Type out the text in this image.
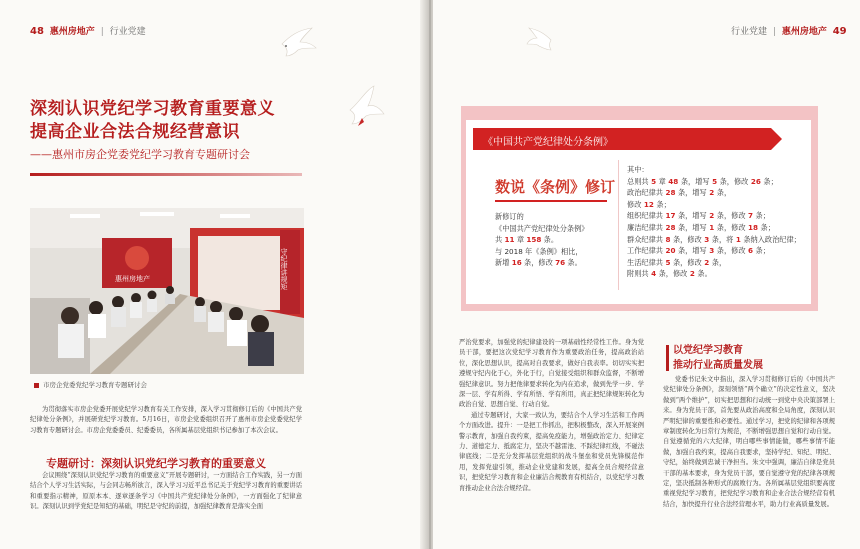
48 惠州房地产 | 行业党建
深刻认识党纪学习教育重要意义
提高企业合法合规经营意识
——惠州市房企党委党纪学习教育专题研讨会
惠州房地产	守纪律讲规矩
市房企党委党纪学习教育专题研讨会
为贯彻落实市房企党委开展党纪学习教育有关工作安排，深入学习贯彻修订后的《中国共产党纪律处分条例》，并展研党纪学习教育。5月16日，市房企党委组织召开了惠州市房企党委党纪学习教育专题研讨会。市房企党委委员、纪委委员，各所属基层党组织书记参加了本次会议。
专题研讨：深刻认识党纪学习教育的重要意义
会议围绕“深刻认识党纪学习教育的重要意义”开展专题研讨，一方面结合工作实践，另一方面结合个人学习生活实际，与会同志畅所欲言，深入学习习近平总书记关于党纪学习教育的重要讲话和重要指示精神，原原本本、逐章逐条学习《中国共产党纪律处分条例》，一方面强化了纪律意识。深刻认识到学党纪是知纪的基础，明纪是守纪的前提，加强纪律教育是落实全面
行业党建 | 惠州房地产 49
《中国共产党纪律处分条例》
数说《条例》修订
新修订的
《中国共产党纪律处分条例》
共 11 章 158 条。
与 2018 年《条例》相比，
新增 16 条，修改 76 条。
其中：
总则共 5 章 48 条，增写 5 条，修改 26 条；
政治纪律共 28 条，增写 2 条，
修改 12 条；
组织纪律共 17 条，增写 2 条，修改 7 条；
廉洁纪律共 28 条，增写 1 条，修改 18 条；
群众纪律共 8 条，修改 3 条，将 1 条纳入政治纪律；
工作纪律共 20 条，增写 3 条，修改 6 条；
生活纪律共 5 条，修改 2 条，
附则共 4 条，修改 2 条。
严治党要求，加强党的纪律建设的一项基础性经常性工作。身为党员干部，要把这次党纪学习教育作为重要政治任务，提高政治站位，深化思想认识，提高对自我要求，做好自我表率。切切实实把遵规守纪内化于心，外化于行，自觉接受组织和群众监督，不断增强纪律意识。努力把他律要求转化为内在追求，做到先学一步、学深一层、学有所得、学有所悟、学有所用，真正把纪律规矩转化为政治自觉、思想自觉、行动自觉。
通过专题研讨，大家一致认为，要结合个人学习生活和工作两个方面改进。提升：一是把工作抓出，把积极整改，深入开展案例警示教育，加强自我约束，提高免疫能力，增强政治定力、纪律定力、道德定力、抵腐定力，坚决不越雷池、不踩纪律红线，不碰法律底线；二是充分发挥基层党组织的战斗堡垒和党员先锋模范作用，发挥党建引领，推动企业党建和发展，提高全员合规经营意识，把党纪学习教育和企业廉洁合规教育有机结合，以党纪学习教育推动企业合法合规经营。
以党纪学习教育
推动行业高质量发展
党委书记朱文中指出，深入学习贯彻修订后的《中国共产党纪律处分条例》，深刻领悟“两个确立”的决定性意义，坚决做到“两个维护”，切实把思想和行动统一到党中央决策部署上来。身为党员干部，首先要从政治高度和全局角度，深刻认识严明纪律的重要性和必要性。通过学习，把党的纪律和各项规章制度转化为日常行为规范，不断增强思想自觉和行动自觉。自觉遵循党的六大纪律，明白哪些事情能做，哪些事情不能做，加强自我约束，提高自我要求，坚持学纪、知纪、明纪、守纪，始终做到忠诚干净担当。朱文中强调，廉洁自律是党员干部的基本要求，身为党员干部，要自觉遵守党的纪律各项规定，坚决抵制各种形式的腐败行为。各所属基层党组织要高度重视党纪学习教育，把党纪学习教育和企业合法合规经营有机结合，加快提升行业合法经营理水平，助力行业高质量发展。
